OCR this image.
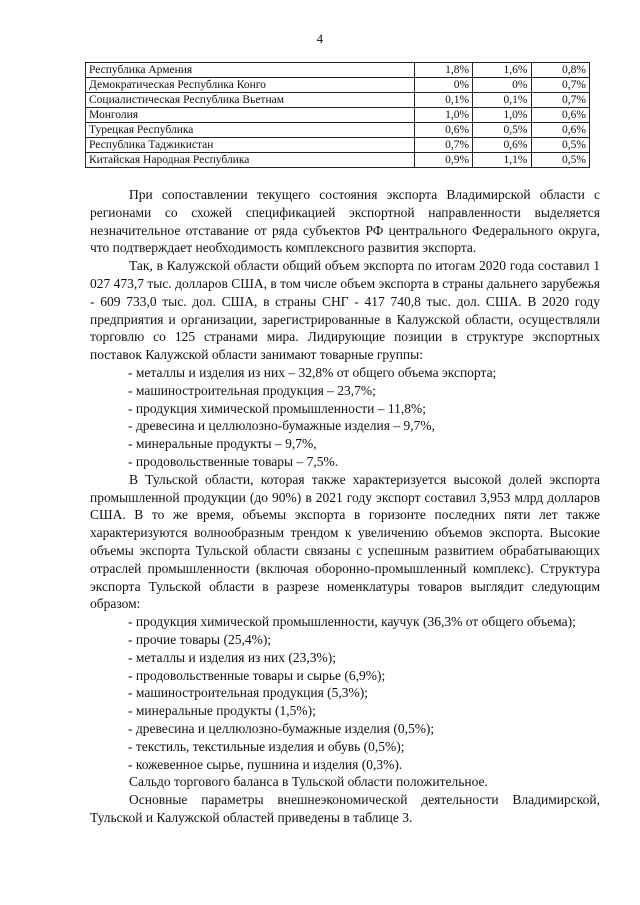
4
Республика Армения	1,8%	1,6%	0,8%
Демократическая Республика Конго	0%	0%	0,7%
Социалистическая Республика Вьетнам	0,1%	0,1%	0,7%
Монголия	1,0%	1,0%	0,6%
Турецкая Республика	0,6%	0,5%	0,6%
Республика Таджикистан	0,7%	0,6%	0,5%
Китайская Народная Республика	0,9%	1,1%	0,5%

При сопоставлении текущего состояния экспорта Владимирской области с регионами со схожей спецификацией экспортной направленности выделяется незначительное отставание от ряда субъектов РФ центрального Федерального округа, что подтверждает необходимость комплексного развития экспорта.

Так, в Калужской области общий объем экспорта по итогам 2020 года составил 1 027 473,7 тыс. долларов США, в том числе объем экспорта в страны дальнего зарубежья - 609 733,0 тыс. дол. США, в страны СНГ - 417 740,8 тыс. дол. США. В 2020 году предприятия и организации, зарегистрированные в Калужской области, осуществляли торговлю со 125 странами мира. Лидирующие позиции в структуре экспортных поставок Калужской области занимают товарные группы:

- металлы и изделия из них – 32,8% от общего объема экспорта;

- машиностроительная продукция – 23,7%;

- продукция химической промышленности – 11,8%;

- древесина и целлюлозно-бумажные изделия – 9,7%,

- минеральные продукты – 9,7%,

- продовольственные товары – 7,5%.

В Тульской области, которая также характеризуется высокой долей экспорта промышленной продукции (до 90%) в 2021 году экспорт составил 3,953 млрд долларов США. В то же время, объемы экспорта в горизонте последних пяти лет также характеризуются волнообразным трендом к увеличению объемов экспорта. Высокие объемы экспорта Тульской области связаны с успешным развитием обрабатывающих отраслей промышленности (включая оборонно-промышленный комплекс). Структура экспорта Тульской области в разрезе номенклатуры товаров выглядит следующим образом:

- продукция химической промышленности, каучук (36,3% от общего объема);

- прочие товары (25,4%);

- металлы и изделия из них (23,3%);

- продовольственные товары и сырье (6,9%);

- машиностроительная продукция (5,3%);

- минеральные продукты (1,5%);

- древесина и целлюлозно-бумажные изделия (0,5%);

- текстиль, текстильные изделия и обувь (0,5%);

- кожевенное сырье, пушнина и изделия (0,3%).

Сальдо торгового баланса в Тульской области положительное.

Основные параметры внешнеэкономической деятельности Владимирской, Тульской и Калужской областей приведены в таблице 3.
